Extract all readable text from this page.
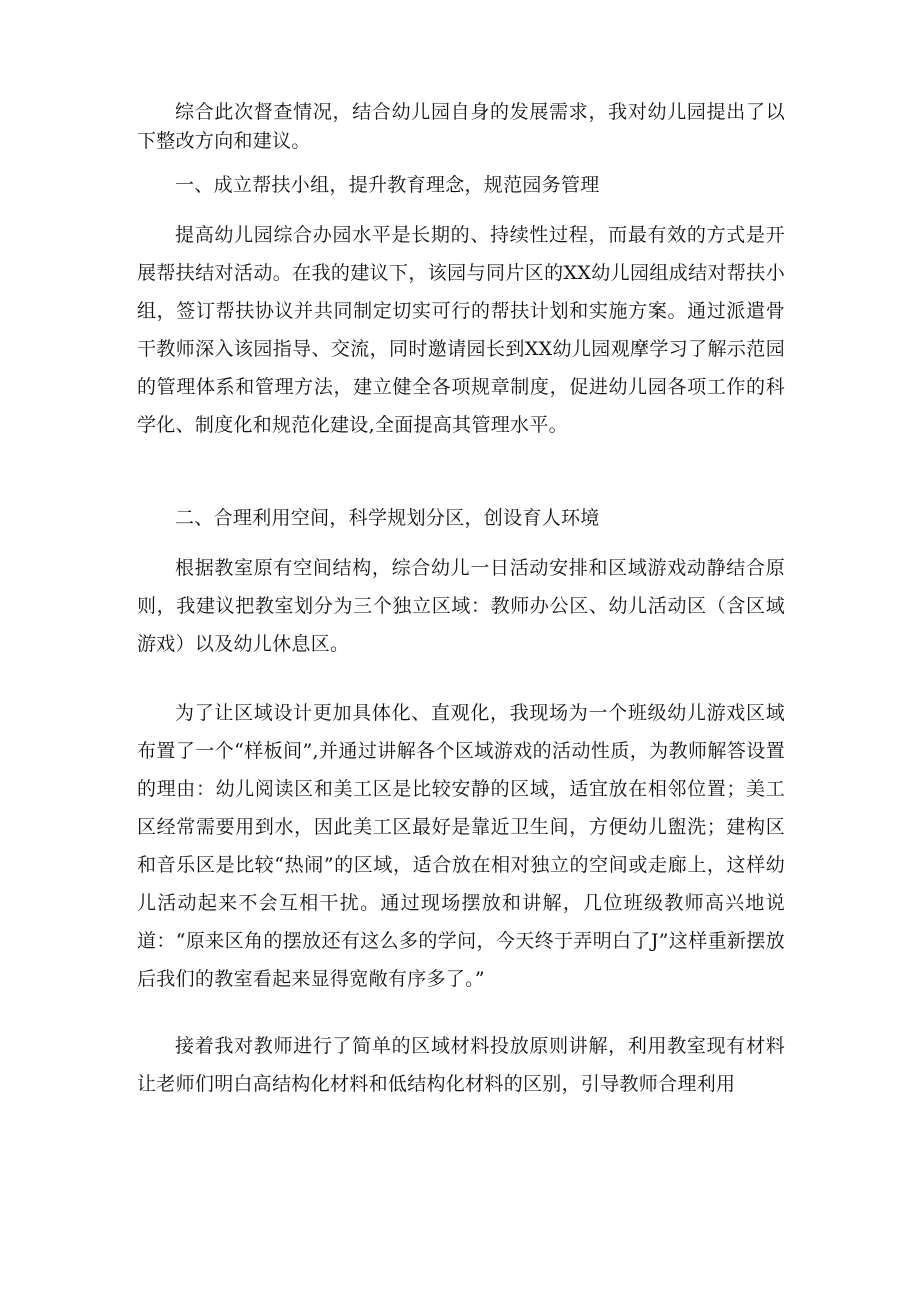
综合此次督查情况，结合幼儿园自身的发展需求，我对幼儿园提出了以下整改方向和建议。

一、成立帮扶小组，提升教育理念，规范园务管理

提高幼儿园综合办园水平是长期的、持续性过程，而最有效的方式是开展帮扶结对活动。在我的建议下，该园与同片区的XX幼儿园组成结对帮扶小组，签订帮扶协议并共同制定切实可行的帮扶计划和实施方案。通过派遣骨干教师深入该园指导、交流，同时邀请园长到XX幼儿园观摩学习了解示范园的管理体系和管理方法，建立健全各项规章制度，促进幼儿园各项工作的科学化、制度化和规范化建设,全面提高其管理水平。

二、合理利用空间，科学规划分区，创设育人环境

根据教室原有空间结构，综合幼儿一日活动安排和区域游戏动静结合原则，我建议把教室划分为三个独立区域：教师办公区、幼儿活动区（含区域游戏）以及幼儿休息区。

为了让区域设计更加具体化、直观化，我现场为一个班级幼儿游戏区域布置了一个“样板间”,并通过讲解各个区域游戏的活动性质，为教师解答设置的理由：幼儿阅读区和美工区是比较安静的区域，适宜放在相邻位置；美工区经常需要用到水，因此美工区最好是靠近卫生间，方便幼儿盥洗；建构区和音乐区是比较“热闹”的区域，适合放在相对独立的空间或走廊上，这样幼儿活动起来不会互相干扰。通过现场摆放和讲解，几位班级教师高兴地说道：“原来区角的摆放还有这么多的学问，今天终于弄明白了J”这样重新摆放后我们的教室看起来显得宽敞有序多了。”

接着我对教师进行了简单的区域材料投放原则讲解，利用教室现有材料让老师们明白高结构化材料和低结构化材料的区别，引导教师合理利用
